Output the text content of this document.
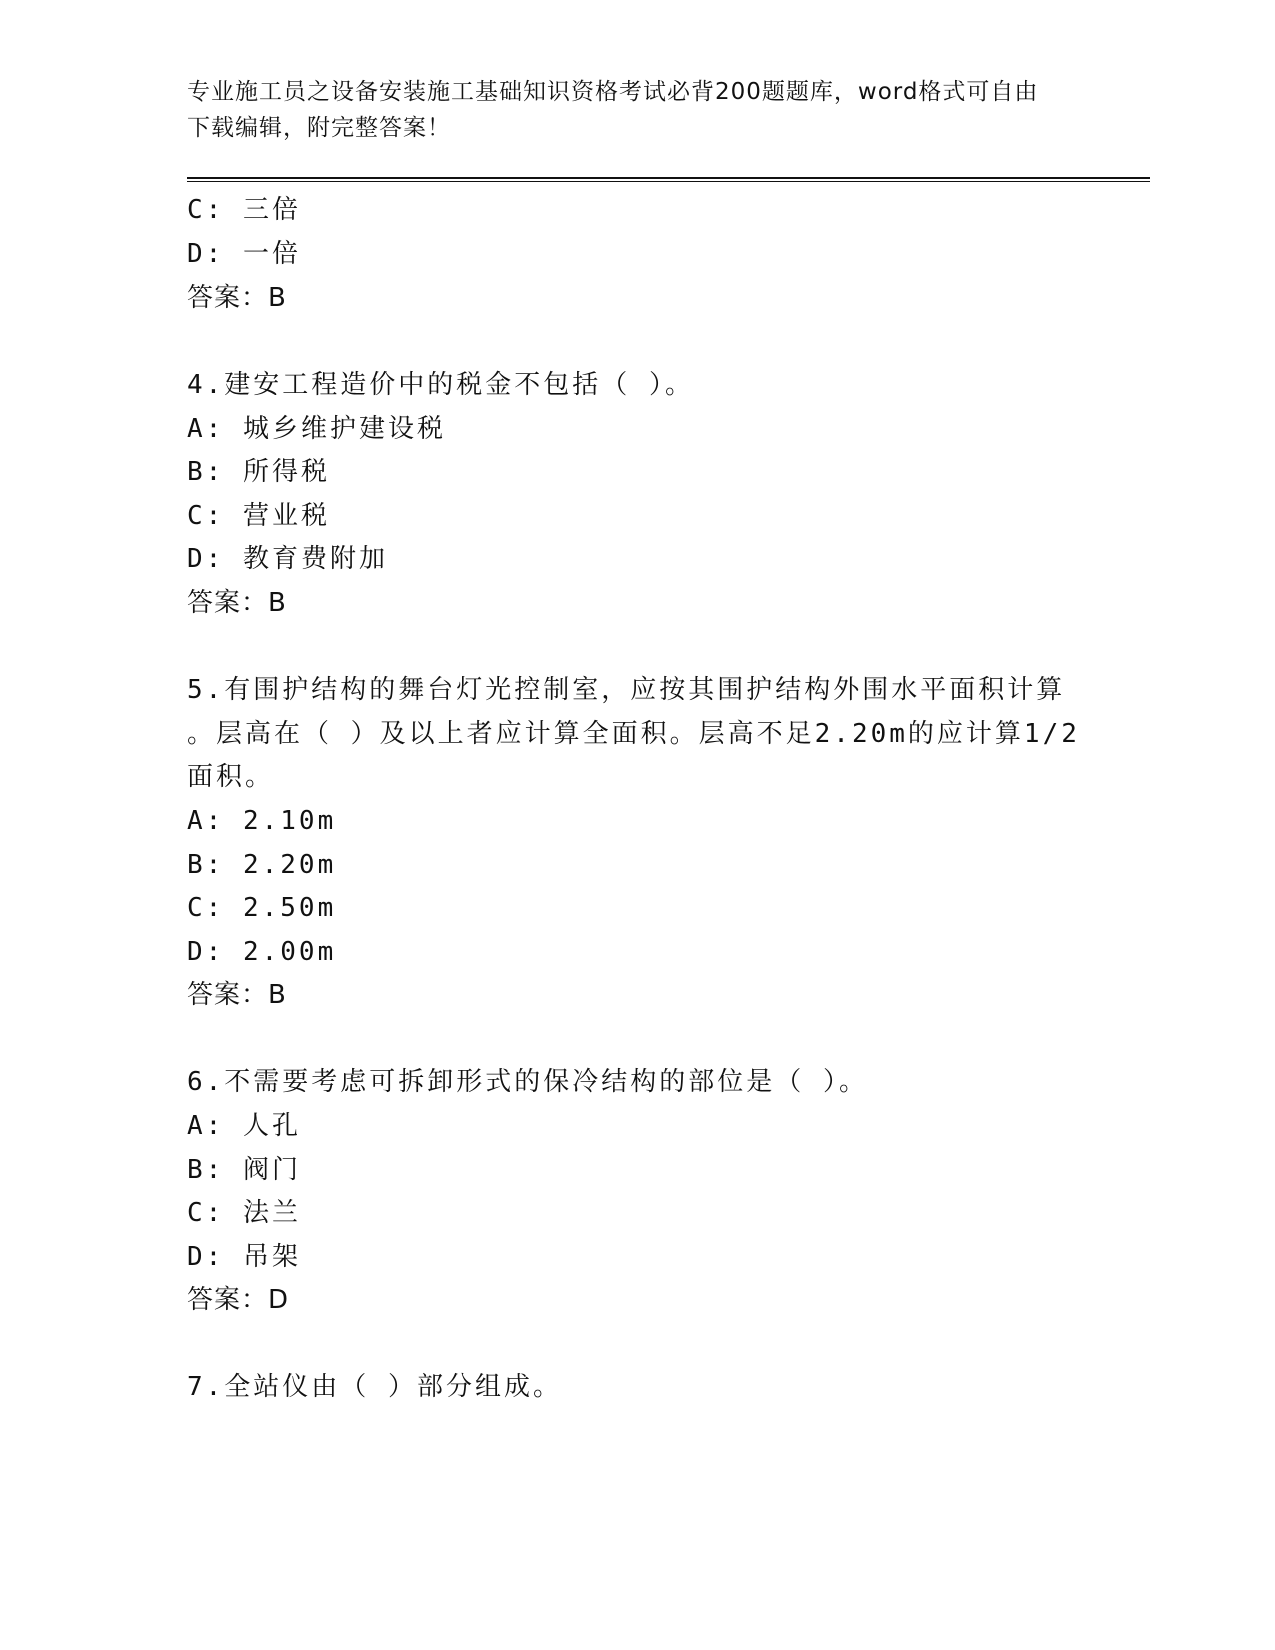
专业施工员之设备安装施工基础知识资格考试必背200题题库，word格式可自由
下载编辑，附完整答案！
C: 三倍
D: 一倍
答案：B
4.建安工程造价中的税金不包括（ ）。
A: 城乡维护建设税
B: 所得税
C: 营业税
D: 教育费附加
答案：B
5.有围护结构的舞台灯光控制室，应按其围护结构外围水平面积计算
。层高在（ ）及以上者应计算全面积。层高不足2.20m的应计算1/2
面积。
A: 2.10m
B: 2.20m
C: 2.50m
D: 2.00m
答案：B
6.不需要考虑可拆卸形式的保冷结构的部位是（ ）。
A: 人孔
B: 阀门
C: 法兰
D: 吊架
答案：D
7.全站仪由（ ）部分组成。
